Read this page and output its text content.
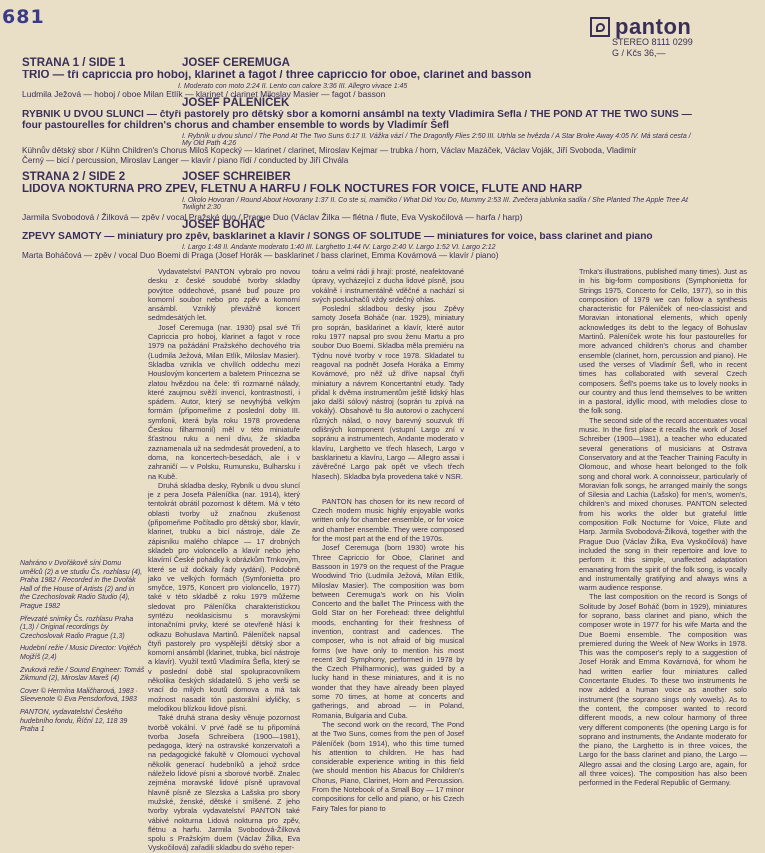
681	panton
STEREO 8111 0299
G / Kčs 36,—
STRANA 1 / SIDE 1	JOSEF CEREMUGA
TRIO — tři capriccia pro hoboj, klarinet a fagot / three capriccio for oboe, clarinet and basson
I. Moderato con moto 2:24 II. Lento con calore 3:36 III. Allegro vivace 1:45
Ludmila Ježová — hoboj / oboe Milan Etlík — klarinet / clarinet Miloslav Masier — fagot / basson
JOSEF PÁLENÍČEK
RYBNÍK U DVOU SLUNCÍ — čtyři pastorely pro dětský sbor a komorní ansámbl na texty Vladimíra Šefla / THE POND AT THE TWO SUNS —
four pastourelles for children's chorus and chamber ensemble to words by Vladimír Šefl
I. Rybník u dvou sluncí / The Pond At The Two Suns 6:17 II. Vážka vází / The Dragonfly Flies 2:50 III. Utrhla se hvězda / A Star Broke Away 4:05 IV. Má stará cesta /
My Old Path 4:26
Kühnův dětský sbor / Kühn Children's Chorus Miloš Kopecký — klarinet / clarinet, Miroslav Kejmar — trubka / horn, Václav Mazáček, Václav Voják, Jiří Svoboda, Vladimír
Černý — bicí / percussion, Miroslav Langer — klavír / piano řídí / conducted by Jiří Chvála
STRANA 2 / SIDE 2	JOSEF SCHREIBER
LIDOVÁ NOKTURNA PRO ZPĚV, FLÉTNU A HARFU / FOLK NOCTURES FOR VOICE, FLUTE AND HARP
I. Okolo Hovoran / Round About Hovorany 1:37 II. Co ste si, mamičko / What Did You Do, Mummy 2:53 III. Zvečera jablunka sadila / She Planted The Apple Tree At
Twilight 2:30
Jarmila Svobodová / Žilková — zpěv / vocal Pražské duo / Prague Duo (Václav Žilka — flétna / flute, Eva Vyskočilová — harfa / harp)
JOSEF BOHÁČ
ZPĚVY SAMOTY — miniatury pro zpěv, basklarinet a klavír / SONGS OF SOLITUDE — miniatures for voice, bass clarinet and piano
I. Largo 1:48 II. Andante moderato 1:40 III. Larghetto 1:44 IV. Largo 2:40 V. Largo 1:52 VI. Largo 2:12
Marta Boháčová — zpěv / vocal Duo Boemi di Praga (Josef Horák — basklarinet / bass clarinet, Emma Kovárnová — klavír / piano)

Nahráno v Dvořákově síni Domu umělců (2) a ve studiu Čs. rozhlasu (4), Praha 1982 / Recorded in the Dvořák Hall of the House of Artists (2) and in the Czechoslovak Radio Studio (4), Prague 1982

Převzaté snímky Čs. rozhlasu Praha (1,3) / Original recordings by Czechoslovak Radio Prague (1,3)

Hudební režie / Music Director: Vojtěch Mojžíš (2,4)

Zvuková režie / Sound Engineer: Tomáš Zikmund (2), Miroslav Mareš (4)

Cover © Hermína Maličharová, 1983 · Sleevenote © Eva Pensdorfová, 1983

PANTON, vydavatelství Českého hudebního fondu, Říční 12, 118 39 Praha 1

Vydavatelství PANTON vybralo pro novou desku z české soudobé tvorby skladby povýtce oddechové, psané buď pouze pro komorní soubor nebo pro zpěv a komorní ansámbl. Vzniklý převážně koncert sedmdesátých let.

Josef Ceremuga (nar. 1930) psal své Tři Capriccia pro hoboj, klarinet a fagot v roce 1979 na požádání Pražského dechového tria (Ludmila Ježová, Milan Etlík, Miloslav Masier). Skladba vznikla ve chvílích oddechu mezi Houslovým koncertem a baletem Princezna se zlatou hvězdou na čele: tři rozmarné náladу, které zaujmou svěží invencí, kontrastností, i spádem. Autor, který se nevyhýbá velkým formám (připomeňme z poslední doby III. symfonii, která byla roku 1978 provedena Českou filharmonií) měl v této miniatuře šťastnou ruku a není divu, že skladba zaznamenala už na sedmdesát provedení, a to doma, na koncertech-besedách, ale i v zahraničí — v Polsku, Rumunsku, Bulharsku i na Kubě.

Druhá skladba desky, Rybník u dvou sluncí je z pera Josefa Páleníčka (nar. 1914), který tentokrát obrátil pozornost k dětem. Má v této oblasti tvorby už značnou zkušenost (připomeňme Počítadlo pro dětský sbor, klavír, klarinet, trubku a bicí nástroje, dále Ze zápisníku malého chlapce — 17 drobných skladeb pro violoncello a klavír nebo jeho klavírní České pohádky k obrázkům Trnkovým, které se už dočkaly řady vydání). Podobně jako ve velkých formách (Symfonietta pro smyčce, 1975, Koncert pro violoncello, 1977) také v této skladbě z roku 1979 můžeme sledovat pro Páleníčka charakteristickou syntézu neoklasicismu s moravskými intonačními prvky, které se otevřeně hlásí k odkazu Bohuslava Martinů. Páleníček napsal čtyři pastorely pro vyspělejší dětský sbor a komorní ansámbl (klarinet, trubka, bicí nástroje a klavír). Využil textů Vladimíra Šefla, který se v poslední době stal spolupracovníkem několika českých skladatelů. S jeho verši se vrací do milých koutů domova a má tak možnost nasadit tón pastorální idyličky, s melodikou blízkou lidové písni.

Také druhá strana desky věnuje pozornost tvorbě vokální. V prvé řadě se tu připomíná tvorba Josefa Schreibera (1900—1981), pedagoga, který na ostravské konzervatoři a na pedagogické fakultě v Olomouci vychoval několik generací hudebníků a jehož srdce náleželo lidové písni a sborové tvorbě. Znalec zejména moravské lidové písně upravoval hlavně písně ze Slezska a Lašska pro sbory mužské, ženské, dětské i smíšené. Z jeho tvorby vybrala vydavatelství PANTON také vábivé nokturna Lidová nokturna pro zpěv, flétnu a harfu. Jarmila Svobodová-Žilková spolu s Pražským duem (Václav Žilka, Eva Vyskočilová) zařadili skladbu do svého reper-

toáru a velmi rádi ji hrají: prosté, neafektované úpravy, vycházející z ducha lidové písně, jsou vokálně i instrumentálně vděčné a nachází si svých posluchačů vždy srdečný ohlas.

Poslední skladbou desky jsou Zpěvy samoty Josefa Boháče (nar. 1929), miniatury pro soprán, basklarinet a klavír, které autor roku 1977 napsal pro svou ženu Martu a pro soubor Duo Boemi. Skladba měla premiéru na Týdnu nové tvorby v roce 1978. Skladatel tu reagoval na podnět Josefa Horáka a Emmy Kovárnové, pro něž už dříve napsal čtyři miniatury a návrem Koncertantní etudy. Tady přidal k dvěma instrumentům ještě lidský hlas jako další sólový nástroj (soprán tu zpívá na vokály). Obsahově tu šlo autorovi o zachycení různých nálad, o novy barevný souzvuk tří odlišných komponent (vstupní Largo zní v sopránu a instrumentech, Andante moderato v klavíru, Larghetto ve třech hlasech, Largo v basklarinetu a klavíru, Largo — Allegro assai i závěrečné Largo pak opět ve všech třech hlasech). Skladba byla provedena také v NSR.

PANTON has chosen for its new record of Czech modern music highly enjoyable works written only for chamber ensemble, or for voice and chamber ensemble. They were composed for the most part at the end of the 1970s.

Josef Ceremuga (born 1930) wrote his Three Capriccio for Oboe, Clarinet and Bassoon in 1979 on the request of the Prague Woodwind Trio (Ludmila Ježová, Milan Etlík, Miloslav Masier). The composition was born between Ceremuga's work on his Violin Concerto and the ballet The Princess with the Gold Star on her Forehead: three delightful moods, enchanting for their freshness of invention, contrast and cadences. The composer, who is not afraid of big musical forms (we have only to mention his most recent 3rd Symphony, performed in 1978 by the Czech Philharmonic), was guided by a lucky hand in these miniatures, and it is no wonder that they have already been played some 70 times, at home at concerts and gatherings, and abroad — in Poland, Romania, Bulgaria and Cuba.

The second work on the record, The Pond at the Two Suns, comes from the pen of Josef Páleníček (born 1914), who this time turned his attention to children. He has had considerable experience writing in this field (we should mention his Abacus for Children's Chorus, Piano, Clarinet, Horn and Percussion. From the Notebook of a Small Boy — 17 minor compositions for cello and piano, or his Czech Fairy Tales for piano to

Trnka's illustrations, published many times). Just as in his big-form compositions (Symphonietta for Strings 1975, Concerto for Cello, 1977), so in this composition of 1979 we can follow a synthesis characteristic for Páleníček of neo-classicist and Moravian intonational elements, which openly acknowledges its debt to the legacy of Bohuslav Martinů. Páleníček wrote his four pastourelles for more advanced children's chorus and chamber ensemble (clarinet, horn, percussion and piano). He used the verses of Vladimír Šefl, who in recent times has collaborated with several Czech composers. Šefl's poems take us to lovely nooks in our country and thus lend themselves to be written in a pastoral, idyllic mood, with melodies close to the folk song.

The second side of the record accentuates vocal music. In the first place it recalls the work of Josef Schreiber (1900—1981), a teacher who educated several generations of musicians at Ostrava Conservatory and at the Teacher Training Faculty in Olomouc, and whose heart belonged to the folk song and choral work. A connoisseur, particularly of Moravian folk songs, he arranged mainly the songs of Silesia and Lachia (Lašsko) for men's, women's, children's and mixed choruses. PANTON selected from his works the older but grateful little composition Folk Nocturne for Voice, Flute and Harp. Jarmila Svobodová-Žilková, together with the Prague Duo (Václav Žilka, Eva Vyskočilová) have included the song in their repertoire and love to perform it: this simple, unaffected adaptation emanating from the spirit of the folk song, is vocally and instrumentally gratifying and always wins a warm audience response.

The last composition on the record is Songs of Solitude by Josef Boháč (born in 1929), miniatures for soprano, bass clarinet and piano, which the composer wrote in 1977 for his wife Marta and the Due Boemi ensemble. The composition was premiered during the Week of New Works in 1978. This was the composer's reply to a suggestion of Josef Horák and Emma Kovárnová, for whom he had written earlier four miniatures called Concertante Etudes. To these two instruments he now added a human voice as another solo instrument (the soprano sings only vowels). As to the content, the composer wanted to record different moods, a new colour harmony of three very different components (the opening Largo is for soprano and instruments, the Andante moderato for the piano, the Larghetto is in three voices, the Largo for the bass clarinet and piano, the Largo — Allegro assai and the closing Largo are, again, for all three voices). The composition has also been performed in the Federal Republic of Germany.
